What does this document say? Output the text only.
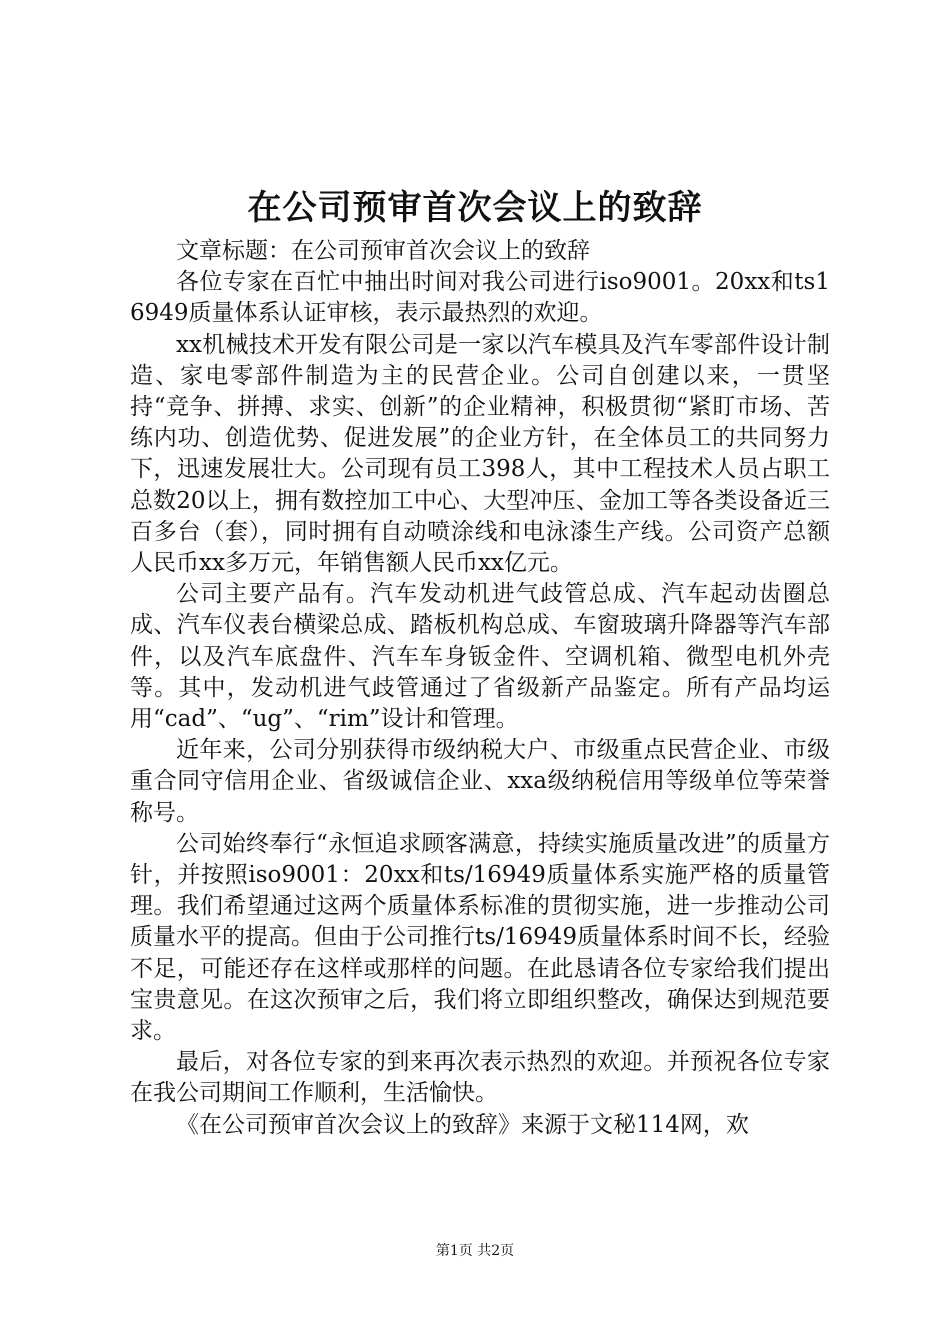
在公司预审首次会议上的致辞

文章标题：在公司预审首次会议上的致辞

各位专家在百忙中抽出时间对我公司进行iso9001。20xx和ts16949质量体系认证审核，表示最热烈的欢迎。

xx机械技术开发有限公司是一家以汽车模具及汽车零部件设计制造、家电零部件制造为主的民营企业。公司自创建以来，一贯坚持“竞争、拼搏、求实、创新”的企业精神，积极贯彻“紧盯市场、苦练内功、创造优势、促进发展”的企业方针，在全体员工的共同努力下，迅速发展壮大。公司现有员工398人，其中工程技术人员占职工总数20以上，拥有数控加工中心、大型冲压、金加工等各类设备近三百多台（套），同时拥有自动喷涂线和电泳漆生产线。公司资产总额人民币xx多万元，年销售额人民币xx亿元。

公司主要产品有。汽车发动机进气歧管总成、汽车起动齿圈总成、汽车仪表台横梁总成、踏板机构总成、车窗玻璃升降器等汽车部件，以及汽车底盘件、汽车车身钣金件、空调机箱、微型电机外壳等。其中，发动机进气歧管通过了省级新产品鉴定。所有产品均运用“cad”、“ug”、“rim”设计和管理。

近年来，公司分别获得市级纳税大户、市级重点民营企业、市级重合同守信用企业、省级诚信企业、xxa级纳税信用等级单位等荣誉称号。

公司始终奉行“永恒追求顾客满意，持续实施质量改进”的质量方针，并按照iso9001：20xx和ts/16949质量体系实施严格的质量管理。我们希望通过这两个质量体系标准的贯彻实施，进一步推动公司质量水平的提高。但由于公司推行ts/16949质量体系时间不长，经验不足，可能还存在这样或那样的问题。在此恳请各位专家给我们提出宝贵意见。在这次预审之后，我们将立即组织整改，确保达到规范要求。

最后，对各位专家的到来再次表示热烈的欢迎。并预祝各位专家在我公司期间工作顺利，生活愉快。

《在公司预审首次会议上的致辞》来源于文秘114网，欢

第1页 共2页
